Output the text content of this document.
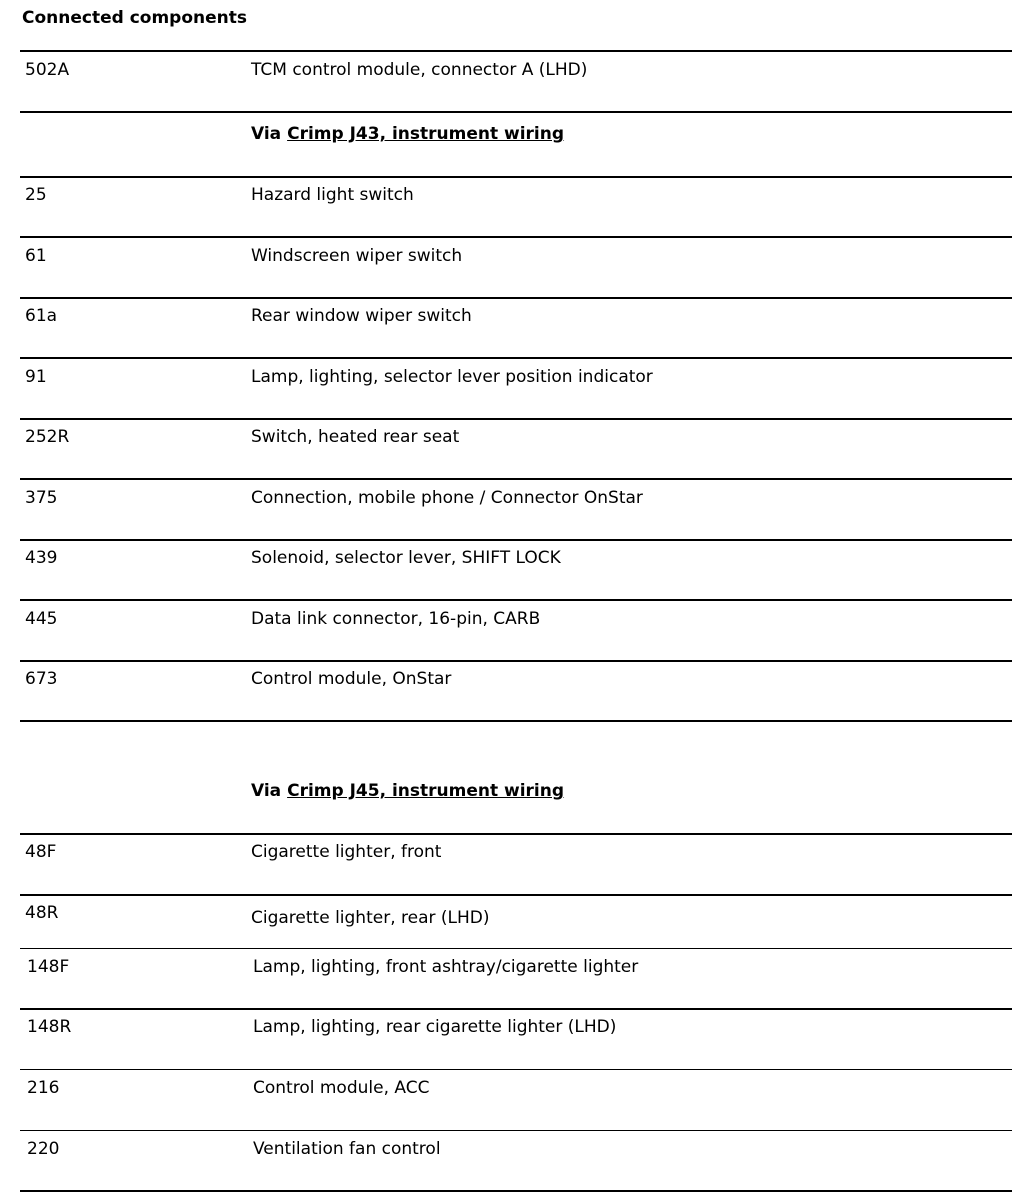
Connected components
502A	TCM control module, connector A (LHD)
Via Crimp J43, instrument wiring
25	Hazard light switch
61	Windscreen wiper switch
61a	Rear window wiper switch
91	Lamp, lighting, selector lever position indicator
252R	Switch, heated rear seat
375	Connection, mobile phone / Connector OnStar
439	Solenoid, selector lever, SHIFT LOCK
445	Data link connector, 16-pin, CARB
673	Control module, OnStar
Via Crimp J45, instrument wiring
48F	Cigarette lighter, front
48R	Cigarette lighter, rear (LHD)
148F	Lamp, lighting, front ashtray/cigarette lighter
148R	Lamp, lighting, rear cigarette lighter (LHD)
216	Control module, ACC
220	Ventilation fan control
